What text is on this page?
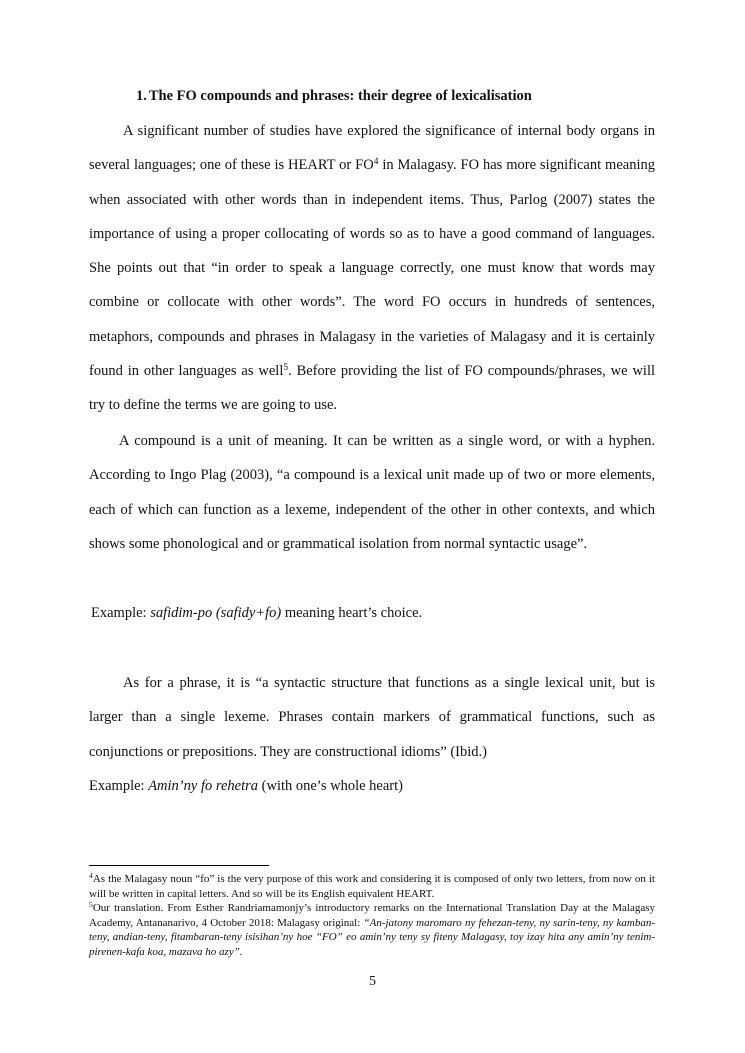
1. The FO compounds and phrases: their degree of lexicalisation

A significant number of studies have explored the significance of internal body organs in several languages; one of these is HEART or $FO^4$ in Malagasy. FO has more significant meaning when associated with other words than in independent items. Thus, Parlog (2007) states the importance of using a proper collocating of words so as to have a good command of languages. She points out that “in order to speak a language correctly, one must know that words may combine or collocate with other words”. The word FO occurs in hundreds of sentences, metaphors, compounds and phrases in Malagasy in the varieties of Malagasy and it is certainly found in other languages as well$^5$. Before providing the list of FO compounds/phrases, we will try to define the terms we are going to use.

A compound is a unit of meaning. It can be written as a single word, or with a hyphen. According to Ingo Plag (2003), “a compound is a lexical unit made up of two or more elements, each of which can function as a lexeme, independent of the other in other contexts, and which shows some phonological and or grammatical isolation from normal syntactic usage”.

Example: safidim-po (safidy+fo) meaning heart’s choice.

As for a phrase, it is “a syntactic structure that functions as a single lexical unit, but is larger than a single lexeme. Phrases contain markers of grammatical functions, such as conjunctions or prepositions. They are constructional idioms” (Ibid.)

Example: Amin’ny fo rehetra (with one’s whole heart)

$^4$As the Malagasy noun “fo” is the very purpose of this work and considering it is composed of only two letters, from now on it will be written in capital letters. And so will be its English equivalent HEART.

$^5$Our translation. From Esther Randriamamonjy’s introductory remarks on the International Translation Day at the Malagasy Academy, Antananarivo, 4 October 2018: Malagasy original: “An-jatony maromaro ny fehezan-teny, ny sarin-teny, ny kamban-teny, andian-teny, fitambaran-teny isisihan’ny hoe “FO” eo amin’ny teny sy fiteny Malagasy, toy izay hita any amin’ny tenim-pirenen-kafa koa, mazava ho azy”.

5
